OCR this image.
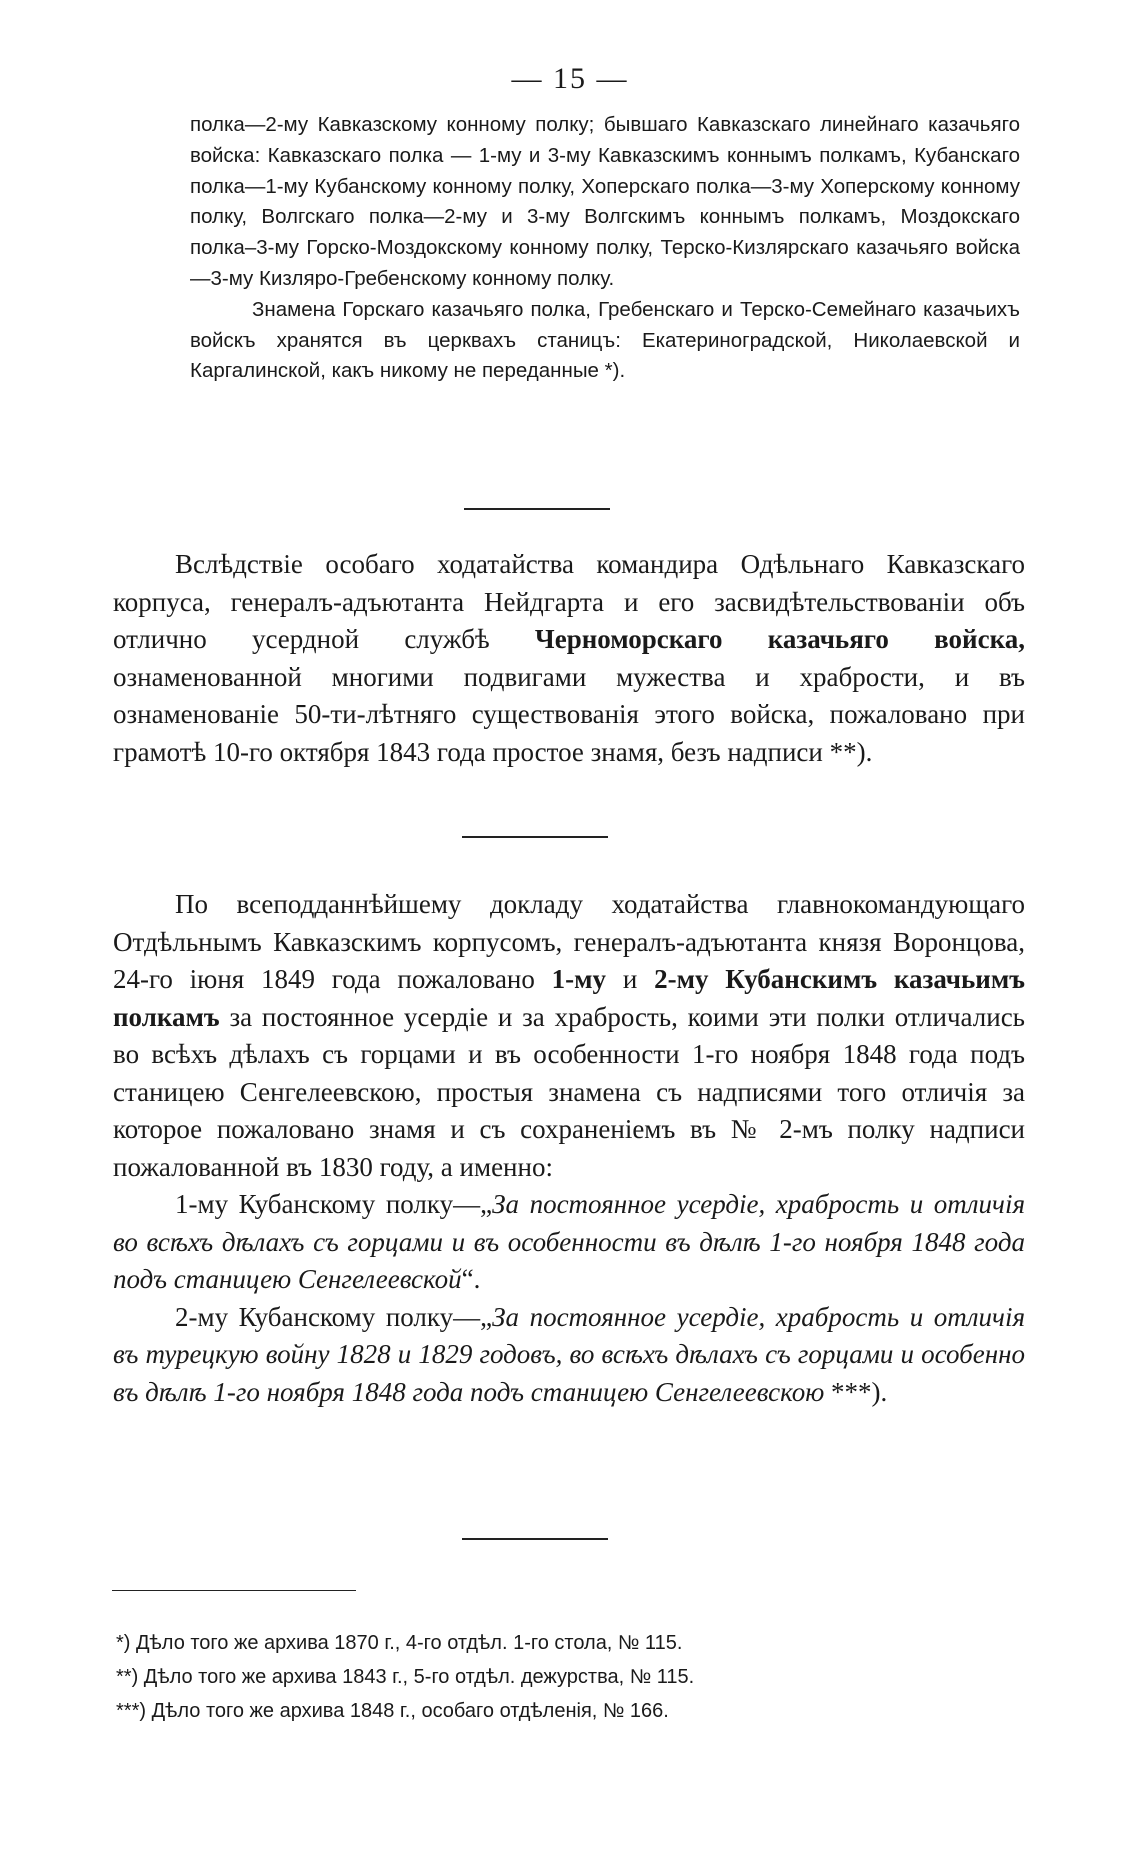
— 15 —

полка—2-му Кавказскому конному полку; бывшаго Кавказскаго линейнаго казачьяго войска: Кавказскаго полка — 1-му и 3-му Кавказскимъ коннымъ полкамъ, Кубанскаго полка—1-му Кубанскому конному полку, Хоперскаго полка—3-му Хоперскому конному полку, Волгскаго полка—2-му и 3-му Волгскимъ коннымъ полкамъ, Моздокскаго полка–3-му Горско-Моздокскому конному полку, Терско-Кизлярскаго казачьяго войска—3-му Кизляро-Гребенскому конному полку.

Знамена Горскаго казачьяго полка, Гребенскаго и Терско-Семейнаго казачьихъ войскъ хранятся въ церквахъ станицъ: Екатериноградской, Николаевской и Каргалинской, какъ никому не переданные *).

Вслѣдствіе особаго ходатайства командира Одѣльнаго Кавказскаго корпуса, генералъ-адъютанта Нейдгарта и его засвидѣтельствованіи объ отлично усердной службѣ Черноморскаго казачьяго войска, ознаменованной многими подвигами мужества и храбрости, и въ ознаменованіе 50-ти-лѣтняго существованія этого войска, пожаловано при грамотѣ 10-го октября 1843 года простое знамя, безъ надписи **).

По всеподданнѣйшему докладу ходатайства главнокомандующаго Отдѣльнымъ Кавказскимъ корпусомъ, генералъ-адъютанта князя Воронцова, 24-го іюня 1849 года пожаловано 1-му и 2-му Кубанскимъ казачьимъ полкамъ за постоянное усердіе и за храбрость, коими эти полки отличались во всѣхъ дѣлахъ съ горцами и въ особенности 1-го ноября 1848 года подъ станицею Сенгелеевскою, простыя знамена съ надписями того отличія за которое пожаловано знамя и съ сохраненіемъ въ № 2-мъ полку надписи пожалованной въ 1830 году, а именно:

1-му Кубанскому полку—„За постоянное усердіе, храбрость и отличія во всѣхъ дѣлахъ съ горцами и въ особенности въ дѣлѣ 1-го ноября 1848 года подъ станицею Сенгелеевской“.

2-му Кубанскому полку—„За постоянное усердіе, храбрость и отличія въ турецкую войну 1828 и 1829 годовъ, во всѣхъ дѣлахъ съ горцами и особенно въ дѣлѣ 1-го ноября 1848 года подъ станицею Сенгелеевскою ***).

*) Дѣло того же архива 1870 г., 4-го отдѣл. 1-го стола, № 115.

**) Дѣло того же архива 1843 г., 5-го отдѣл. дежурства, № 115.

***) Дѣло того же архива 1848 г., особаго отдѣленія, № 166.
